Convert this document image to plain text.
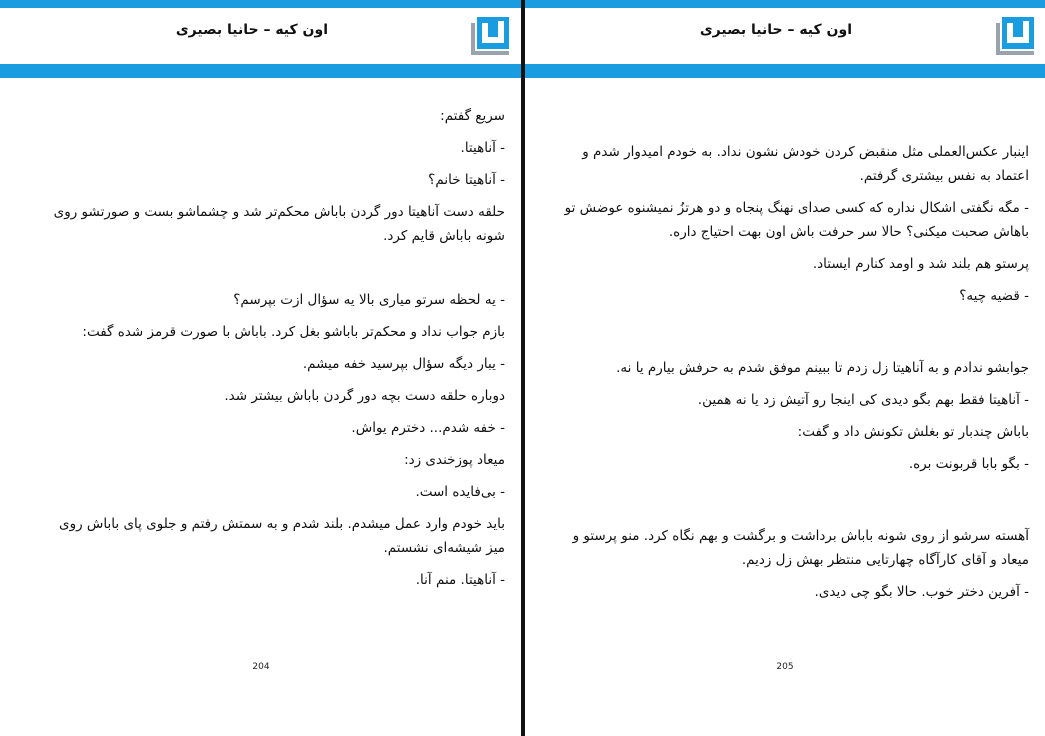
اون کیه – حانیا بصیری

سریع گفتم:

- آناهیتا.

- آناهیتا خانم؟

حلقه دست آناهیتا دور گردن باباش محکم‌تر شد و چشماشو بست و صورتشو روی شونه باباش قایم کرد.

- یه لحظه سرتو میاری بالا یه سؤال ازت بپرسم؟

بازم جواب نداد و محکم‌تر باباشو بغل کرد. باباش با صورت قرمز شده گفت:

- یبار دیگه سؤال بپرسید خفه میشم.

دوباره حلقه دست بچه دور گردن باباش بیشتر شد.

- خفه شدم... دخترم یواش.

میعاد پوزخندی زد:

- بی‌فایده است.

باید خودم وارد عمل میشدم. بلند شدم و به سمتش رفتم و جلوی پای باباش روی میز شیشه‌ای نشستم.

- آناهیتا. منم آنا.

204
اون کیه – حانیا بصیری

اینبار عکس‌العملی مثل منقبض کردن خودش نشون نداد. به خودم امیدوار شدم و اعتماد به نفس بیشتری گرفتم.

- مگه نگفتی اشکال نداره که کسی صدای نهنگ پنجاه و دو هرتزُ نمیشنوه عوضش تو باهاش صحبت میکنی؟ حالا سر حرفت باش اون بهت احتیاج داره.

پرستو هم بلند شد و اومد کنارم ایستاد.

- قضیه چیه؟

جوابشو ندادم و به آناهیتا زل زدم تا ببینم موفق شدم به حرفش بیارم یا نه.

- آناهیتا فقط بهم بگو دیدی کی اینجا رو آتیش زد یا نه همین.

باباش چندبار تو بغلش تکونش داد و گفت:

- بگو بابا قربونت بره.

آهسته سرشو از روی شونه باباش برداشت و برگشت و بهم نگاه کرد. منو پرستو و میعاد و آقای کارآگاه چهارتایی منتظر بهش زل زدیم.

- آفرین دختر خوب. حالا بگو چی دیدی.

205
